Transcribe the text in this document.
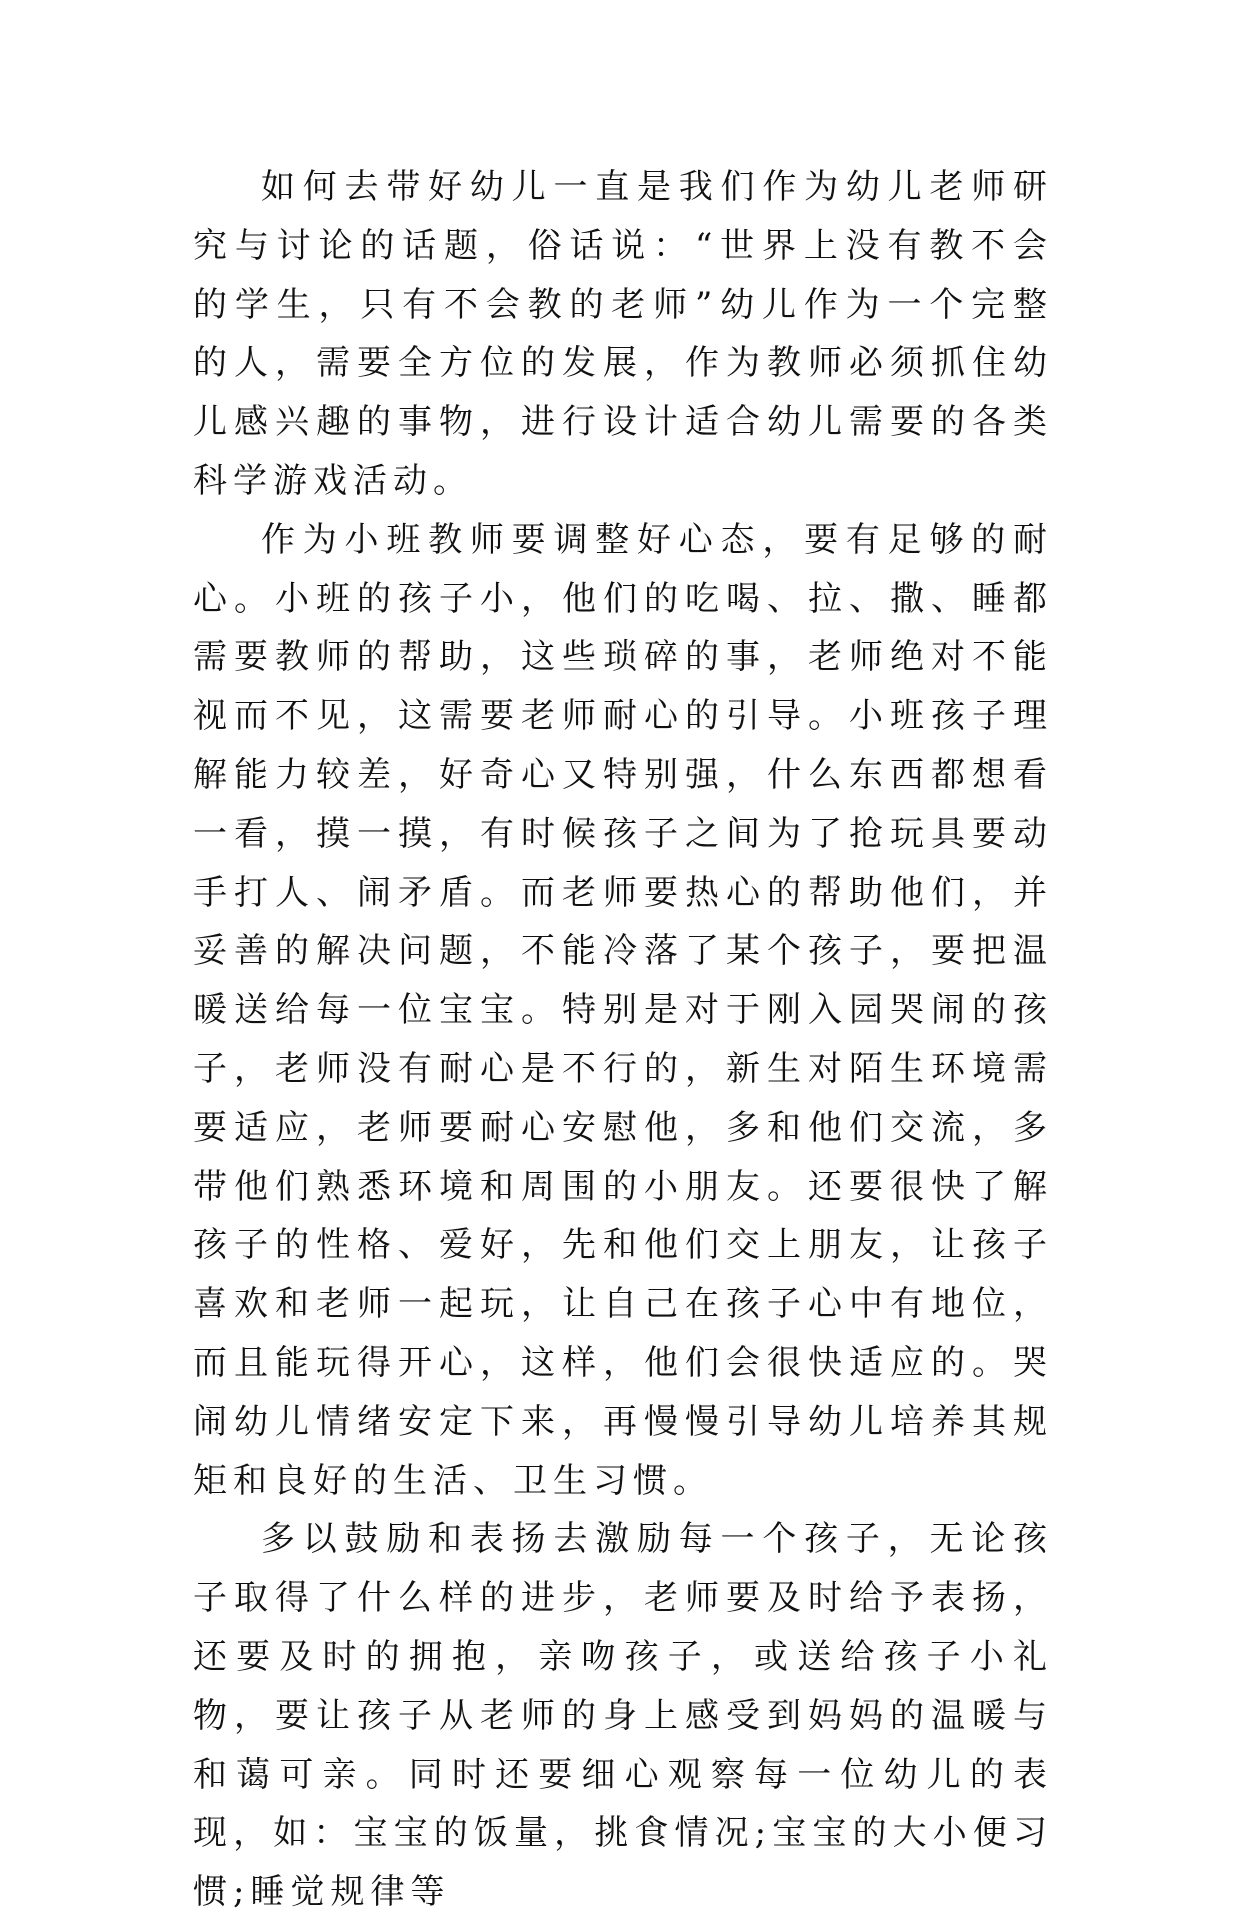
如何去带好幼儿一直是我们作为幼儿老师研究与讨论的话题，俗话说：“世界上没有教不会的学生，只有不会教的老师”幼儿作为一个完整的人，需要全方位的发展，作为教师必须抓住幼儿感兴趣的事物，进行设计适合幼儿需要的各类科学游戏活动。

作为小班教师要调整好心态，要有足够的耐心。小班的孩子小，他们的吃喝、拉、撒、睡都需要教师的帮助，这些琐碎的事，老师绝对不能视而不见，这需要老师耐心的引导。小班孩子理解能力较差，好奇心又特别强，什么东西都想看一看，摸一摸，有时候孩子之间为了抢玩具要动手打人、闹矛盾。而老师要热心的帮助他们，并妥善的解决问题，不能冷落了某个孩子，要把温暖送给每一位宝宝。特别是对于刚入园哭闹的孩子，老师没有耐心是不行的，新生对陌生环境需要适应，老师要耐心安慰他，多和他们交流，多带他们熟悉环境和周围的小朋友。还要很快了解孩子的性格、爱好，先和他们交上朋友，让孩子喜欢和老师一起玩，让自己在孩子心中有地位，而且能玩得开心，这样，他们会很快适应的。哭闹幼儿情绪安定下来，再慢慢引导幼儿培养其规矩和良好的生活、卫生习惯。

多以鼓励和表扬去激励每一个孩子，无论孩子取得了什么样的进步，老师要及时给予表扬，还要及时的拥抱，亲吻孩子，或送给孩子小礼物，要让孩子从老师的身上感受到妈妈的温暖与和蔼可亲。同时还要细心观察每一位幼儿的表现，如：宝宝的饭量，挑食情况;宝宝的大小便习惯;睡觉规律等
